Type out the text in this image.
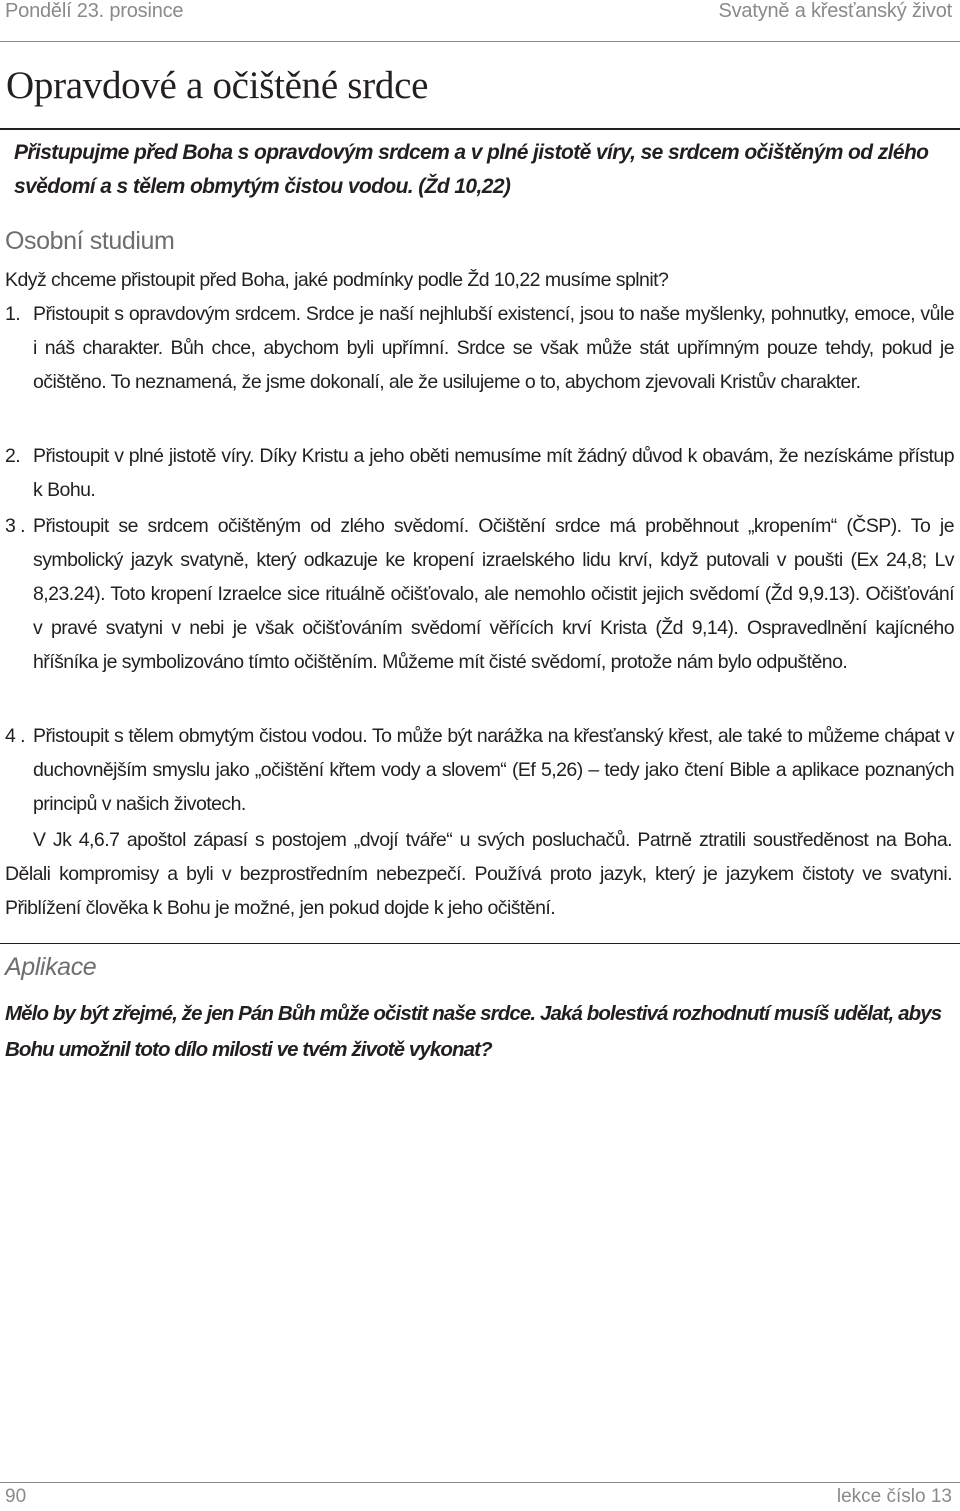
Pondělí 23. prosince	Svatyně a křesťanský život
Opravdové a očištěné srdce

Přistupujme před Boha s opravdovým srdcem a v plné jistotě víry, se srdcem očištěným od zlého svědomí a s tělem obmytým čistou vodou. (Žd 10,22)

Osobní studium

Když chceme přistoupit před Boha, jaké podmínky podle Žd 10,22 musíme splnit?

1. Přistoupit s opravdovým srdcem. Srdce je naší nejhlubší existencí, jsou to naše myšlenky, pohnutky, emoce, vůle i náš charakter. Bůh chce, abychom byli upřímní. Srdce se však může stát upřímným pouze tehdy, pokud je očištěno. To neznamená, že jsme dokonalí, ale že usilujeme o to, abychom zjevovali Kristův charakter.
2. Přistoupit v plné jistotě víry. Díky Kristu a jeho oběti nemusíme mít žádný důvod k obavám, že nezískáme přístup k Bohu.
3 . Přistoupit se srdcem očištěným od zlého svědomí. Očištění srdce má proběhnout „kropením“ (ČSP). To je symbolický jazyk svatyně, který odkazuje ke kropení izraelského lidu krví, když putovali v poušti (Ex 24,8; Lv 8,23.24). Toto kropení Izraelce sice rituálně očišťovalo, ale nemohlo očistit jejich svědomí (Žd 9,9.13). Očišťování v pravé svatyni v nebi je však očišťováním svědomí věřících krví Krista (Žd 9,14). Ospravedlnění kajícného hříšníka je symbolizováno tímto očištěním. Můžeme mít čisté svědomí, protože nám bylo odpuštěno.
4 . Přistoupit s tělem obmytým čistou vodou. To může být narážka na křesťanský křest, ale také to můžeme chápat v duchovnějším smyslu jako „očištění křtem vody a slovem“ (Ef 5,26) – tedy jako čtení Bible a aplikace poznaných principů v našich životech.

V Jk 4,6.7 apoštol zápasí s postojem „dvojí tváře“ u svých posluchačů. Patrně ztratili soustředěnost na Boha. Dělali kompromisy a byli v bezprostředním nebezpečí. Používá proto jazyk, který je jazykem čistoty ve svatyni. Přiblížení člověka k Bohu je možné, jen pokud dojde k jeho očištění.

Aplikace

Mělo by být zřejmé, že jen Pán Bůh může očistit naše srdce. Jaká bolestivá rozhodnutí musíš udělat, abys Bohu umožnil toto dílo milosti ve tvém životě vykonat?

90	lekce číslo 13
